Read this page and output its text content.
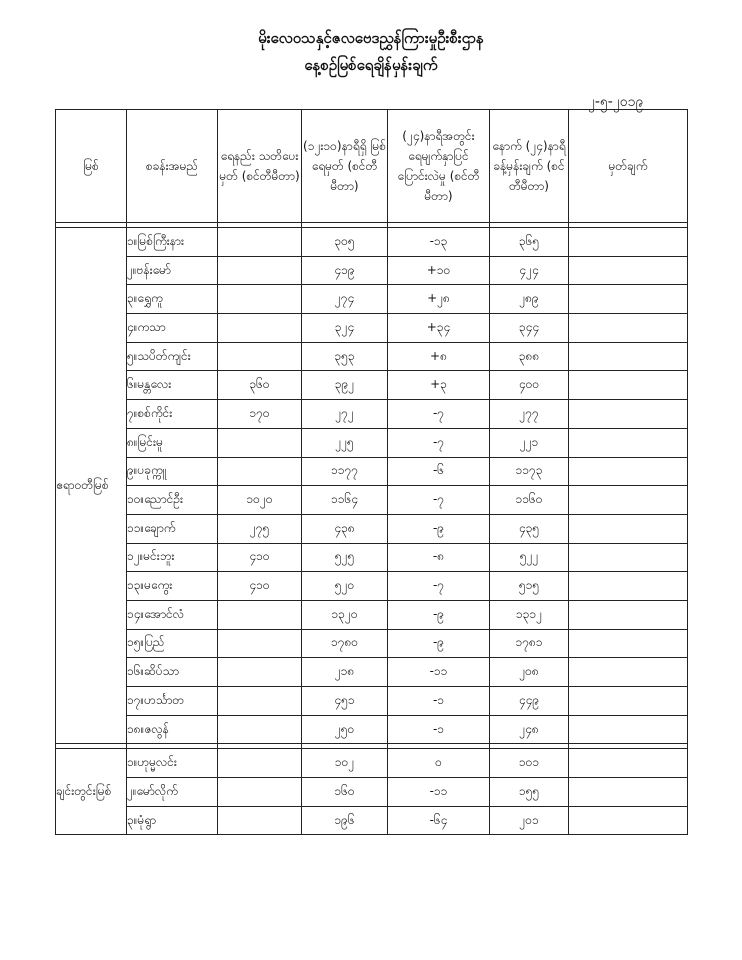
မိုးလေဝသနှင့်ဇလဗေဒညွှန်ကြားမှုဦးစီးဌာန
နေ့စဉ်မြစ်ရေချိန်မှန်းချက်
၂-၅-၂၀၁၉
မြစ်	စခန်းအမည်	ရေနည်း သတိပေးမှတ် (စင်တီမီတာ)	(၁၂း၁၀)နာရီရှိ မြစ်ရေမှတ် (စင်တီမီတာ)	(၂၄)နာရီအတွင်း ရေမျက်နှာပြင် ပြောင်းလဲမှု (စင်တီမီတာ)	နောက် (၂၄)နာရီ ခန့်မှန်းချက် (စင်တီမီတာ)	မှတ်ချက်

ဧရာဝတီမြစ်	၁။မြစ်ကြီးနား		၃၀၅	-၁၃	၃၆၅	
	၂။ဗန်းမော်		၄၁၉	+၁၀	၄၂၄	
	၃။ရွှေကူ		၂၇၄	+၂၈	၂၈၉	
	၄။ကသာ		၃၂၄	+၃၄	၃၄၄	
	၅။သပိတ်ကျင်း		၃၅၃	+၈	၃၈၈	
	၆။မန္တလေး	၃၆၀	၃၉၂	+၃	၄၀၀	
	၇။စစ်ကိုင်း	၁၇၀	၂၇၂	-၇	၂၇၇	
	၈။မြင်းမူ		၂၂၅	-၇	၂၂၁	
	၉။ပခုက္ကူ		၁၁၇၇	-၆	၁၁၇၃	
	၁၀။ညောင်ဦး	၁၀၂၀	၁၁၆၄	-၇	၁၁၆၀	
	၁၁။ချောက်	၂၇၅	၄၃၈	-၉	၄၃၅	
	၁၂။မင်းဘူး	၄၁၀	၅၂၅	-၈	၅၂၂	
	၁၃။မကွေး	၄၁၀	၅၂၀	-၇	၅၁၅	
	၁၄။အောင်လံ		၁၃၂၀	-၉	၁၃၁၂	
	၁၅။ပြည်		၁၇၈၀	-၉	၁၇၈၁	
	၁၆။ဆိပ်သာ		၂၁၈	-၁၁	၂၀၈	
	၁၇။ဟင်္သာတ		၄၅၁	-၁	၄၄၉	
	၁၈။ဇလွန်		၂၅၀	-၁	၂၄၈	

ချင်းတွင်းမြစ်	၁။ဟုမ္မလင်း		၁၀၂	၀	၁၀၁	
	၂။မော်လိုက်		၁၆၀	-၁၁	၁၅၅	
	၃။မုံရွာ		၁၉၆	-၆၄	၂၀၁	
